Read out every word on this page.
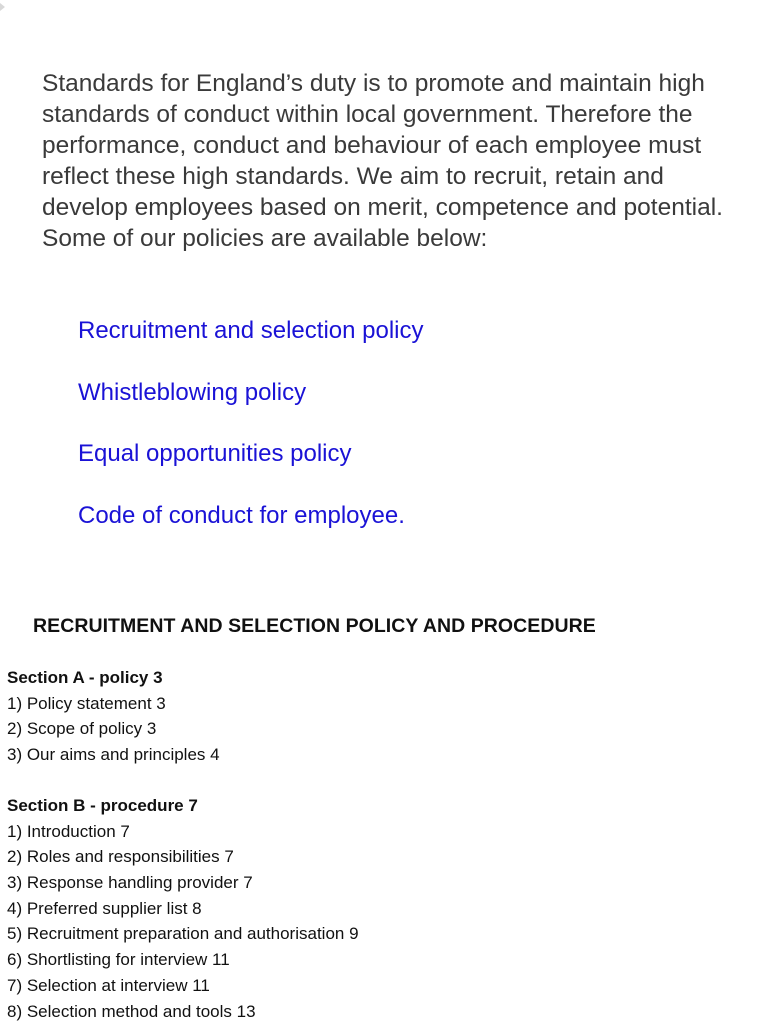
Standards for England’s duty is to promote and maintain high standards of conduct within local government. Therefore the performance, conduct and behaviour of each employee must reflect these high standards. We aim to recruit, retain and develop employees based on merit, competence and potential. Some of our policies are available below:

Recruitment and selection policy
Whistleblowing policy
Equal opportunities policy
Code of conduct for employee.
RECRUITMENT AND SELECTION POLICY AND PROCEDURE
Section A - policy 3
1) Policy statement 3
2) Scope of policy 3
3) Our aims and principles 4
Section B - procedure 7
1) Introduction 7
2) Roles and responsibilities 7
3) Response handling provider 7
4) Preferred supplier list 8
5) Recruitment preparation and authorisation 9
6) Shortlisting for interview 11
7) Selection at interview 11
8) Selection method and tools 13
